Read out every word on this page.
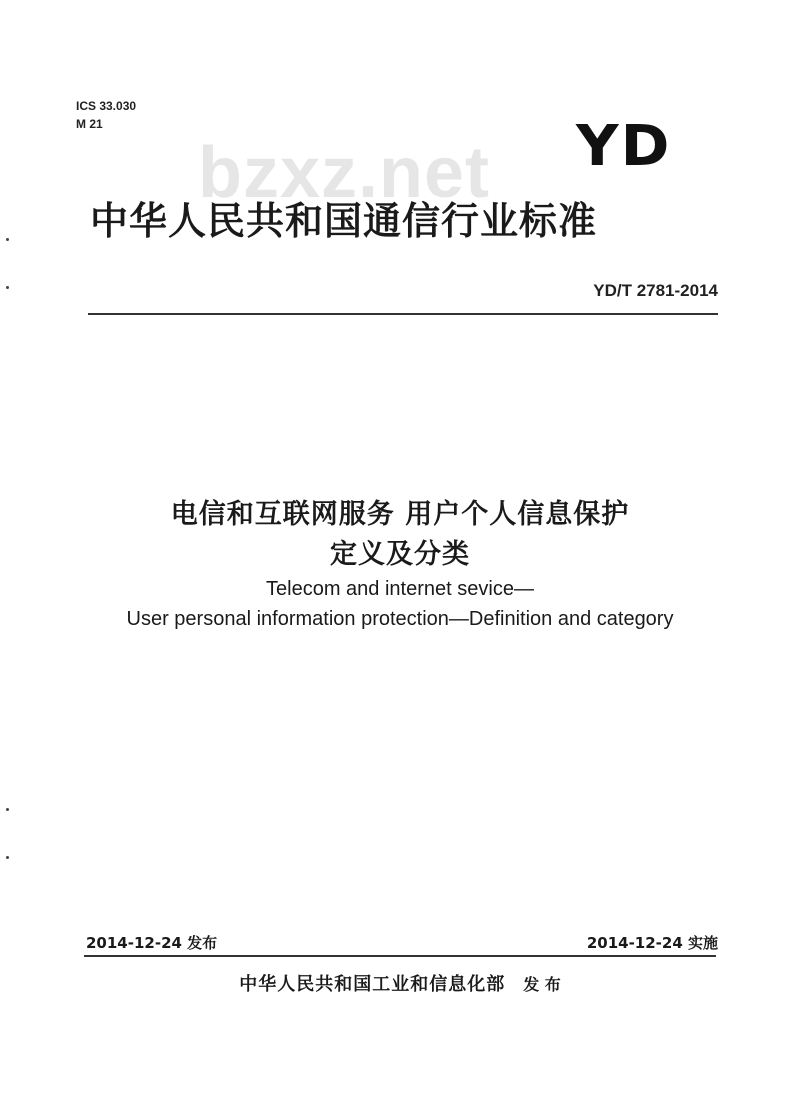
ICS 33.030
M 21
bzxz.net YD
中华人民共和国通信行业标准
YD/T 2781-2014
电信和互联网服务 用户个人信息保护
定义及分类
Telecom and internet sevice—
User personal information protection—Definition and category
2014-12-24 发布	2014-12-24 实施
中华人民共和国工业和信息化部 发 布
